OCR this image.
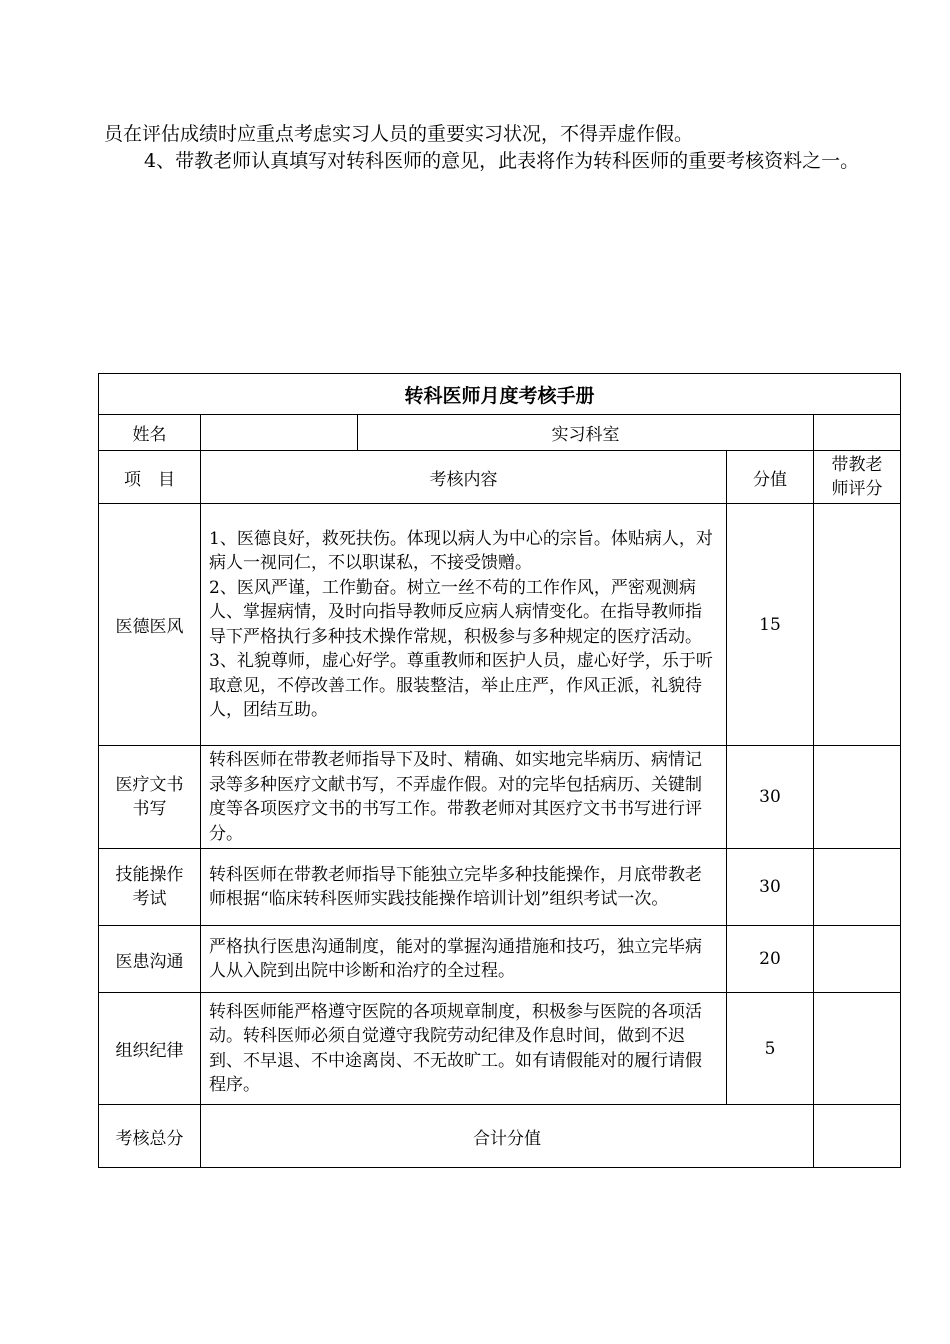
员在评估成绩时应重点考虑实习人员的重要实习状况，不得弄虚作假。
4、带教老师认真填写对转科医师的意见，此表将作为转科医师的重要考核资料之一。
转科医师月度考核手册				
姓名		实习科室		
项　目	考核内容		分值	带教老师评分
医德医风	1、医德良好，救死扶伤。体现以病人为中心的宗旨。体贴病人，对病人一视同仁，不以职谋私，不接受馈赠。
2、医风严谨，工作勤奋。树立一丝不苟的工作作风，严密观测病人、掌握病情，及时向指导教师反应病人病情变化。在指导教师指导下严格执行多种技术操作常规，积极参与多种规定的医疗活动。
3、礼貌尊师，虚心好学。尊重教师和医护人员，虚心好学，乐于听取意见，不停改善工作。服装整洁，举止庄严，作风正派，礼貌待人，团结互助。		15	
医疗文书书写	转科医师在带教老师指导下及时、精确、如实地完毕病历、病情记录等多种医疗文献书写，不弄虚作假。对的完毕包括病历、关键制度等各项医疗文书的书写工作。带教老师对其医疗文书书写进行评分。		30	
技能操作考试	转科医师在带教老师指导下能独立完毕多种技能操作，月底带教老师根据“临床转科医师实践技能操作培训计划”组织考试一次。		30	
医患沟通	严格执行医患沟通制度，能对的掌握沟通措施和技巧，独立完毕病人从入院到出院中诊断和治疗的全过程。		20	
组织纪律	转科医师能严格遵守医院的各项规章制度，积极参与医院的各项活动。转科医师必须自觉遵守我院劳动纪律及作息时间，做到不迟到、不早退、不中途离岗、不无故旷工。如有请假能对的履行请假程序。		5	
考核总分	合计分值			
